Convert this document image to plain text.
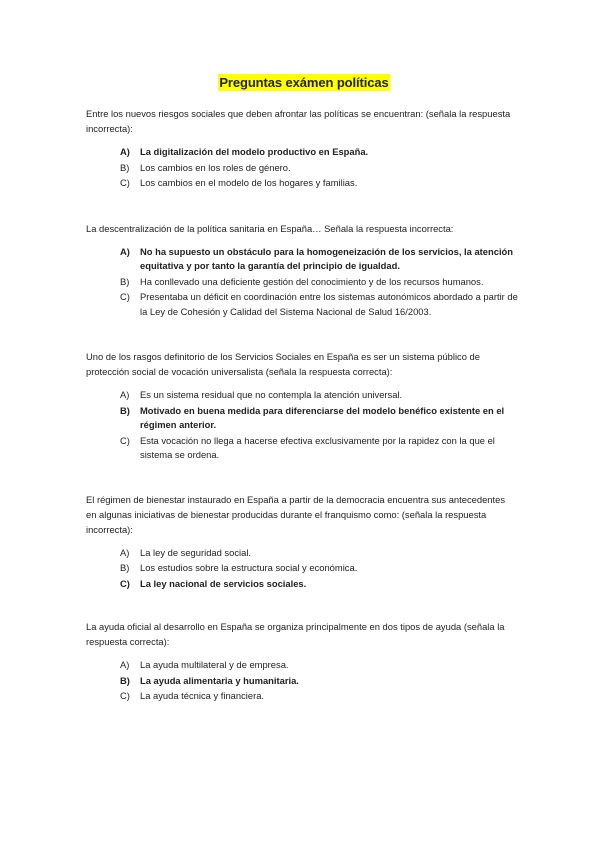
Preguntas exámen políticas

Entre los nuevos riesgos sociales que deben afrontar las políticas se encuentran: (señala la respuesta incorrecta):

A)	La digitalización del modelo productivo en España.
B)	Los cambios en los roles de género.
C)	Los cambios en el modelo de los hogares y familias.

La descentralización de la política sanitaria en España… Señala la respuesta incorrecta:

A)	No ha supuesto un obstáculo para la homogeneización de los servicios, la atención equitativa y por tanto la garantía del principio de igualdad.
B)	Ha conllevado una deficiente gestión del conocimiento y de los recursos humanos.
C)	Presentaba un déficit en coordinación entre los sistemas autonómicos abordado a partir de la Ley de Cohesión y Calidad del Sistema Nacional de Salud 16/2003.

Uno de los rasgos definitorio de los Servicios Sociales en España es ser un sistema público de protección social de vocación universalista (señala la respuesta correcta):

A)	Es un sistema residual que no contempla la atención universal.
B)	Motivado en buena medida para diferenciarse del modelo benéfico existente en el régimen anterior.
C)	Esta vocación no llega a hacerse efectiva exclusivamente por la rapidez con la que el sistema se ordena.

El régimen de bienestar instaurado en España a partir de la democracia encuentra sus antecedentes en algunas iniciativas de bienestar producidas durante el franquismo como: (señala la respuesta incorrecta):

A)	La ley de seguridad social.
B)	Los estudios sobre la estructura social y económica.
C)	La ley nacional de servicios sociales.

La ayuda oficial al desarrollo en España se organiza principalmente en dos tipos de ayuda (señala la respuesta correcta):

A)	La ayuda multilateral y de empresa.
B)	La ayuda alimentaria y humanitaria.
C)	La ayuda técnica y financiera.
